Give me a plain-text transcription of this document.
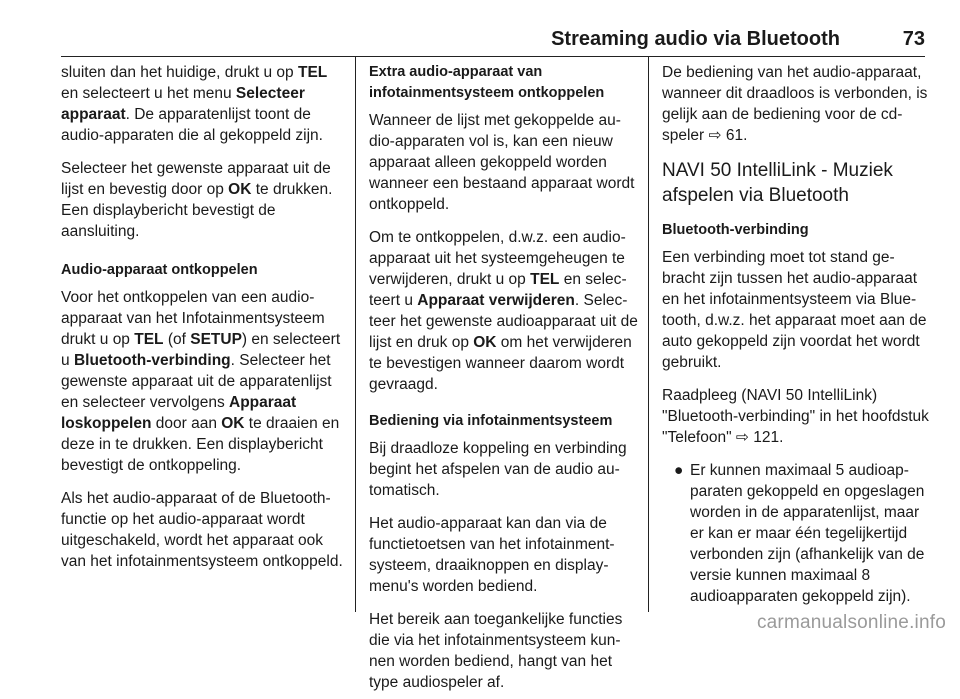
Streaming audio via Bluetooth	73

sluiten dan het huidige, drukt u op TEL en selecteert u het menu Selecteer apparaat. De apparatenlijst toont de audio-apparaten die al gekoppeld zijn.

Selecteer het gewenste apparaat uit de lijst en bevestig door op OK te drukken. Een displaybericht bevestigt de aansluiting.

Audio-apparaat ontkoppelen

Voor het ontkoppelen van een audio-apparaat van het Infotainmentsysteem drukt u op TEL (of SETUP) en selecteert u Bluetooth-verbinding. Selecteer het gewenste apparaat uit de apparatenlijst en selecteer vervolgens Apparaat loskoppelen door aan OK te draaien en deze in te drukken. Een displaybericht bevestigt de ontkoppeling.

Als het audio-apparaat of de Bluetooth-functie op het audio-apparaat wordt uitgeschakeld, wordt het apparaat ook van het infotainmentsysteem ontkoppeld.

Extra audio-apparaat van infotainmentsysteem ontkoppelen

Wanneer de lijst met gekoppelde audio-apparaten vol is, kan een nieuw apparaat alleen gekoppeld worden wanneer een bestaand apparaat wordt ontkoppeld.

Om te ontkoppelen, d.w.z. een audio-apparaat uit het systeemgeheugen te verwijderen, drukt u op TEL en selecteert u Apparaat verwijderen. Selecteer het gewenste audioapparaat uit de lijst en druk op OK om het verwijderen te bevestigen wanneer daarom wordt gevraagd.

Bediening via infotainmentsysteem

Bij draadloze koppeling en verbinding begint het afspelen van de audio automatisch.

Het audio-apparaat kan dan via de functietoetsen van het infotainmentsysteem, draaiknoppen en displaymenu's worden bediend.

Het bereik aan toegankelijke functies die via het infotainmentsysteem kunnen worden bediend, hangt van het type audiospeler af.

De bediening van het audio-apparaat, wanneer dit draadloos is verbonden, is gelijk aan de bediening voor de cd-speler ⇨ 61.

NAVI 50 IntelliLink - Muziek afspelen via Bluetooth

Bluetooth-verbinding

Een verbinding moet tot stand gebracht zijn tussen het audio-apparaat en het infotainmentsysteem via Bluetooth, d.w.z. het apparaat moet aan de auto gekoppeld zijn voordat het wordt gebruikt.

Raadpleeg (NAVI 50 IntelliLink) "Bluetooth-verbinding" in het hoofdstuk "Telefoon" ⇨ 121.

● Er kunnen maximaal 5 audioapparaten gekoppeld en opgeslagen worden in de apparatenlijst, maar er kan er maar één tegelijkertijd verbonden zijn (afhankelijk van de versie kunnen maximaal 8 audioapparaten gekoppeld zijn).
carmanualsonline.info
